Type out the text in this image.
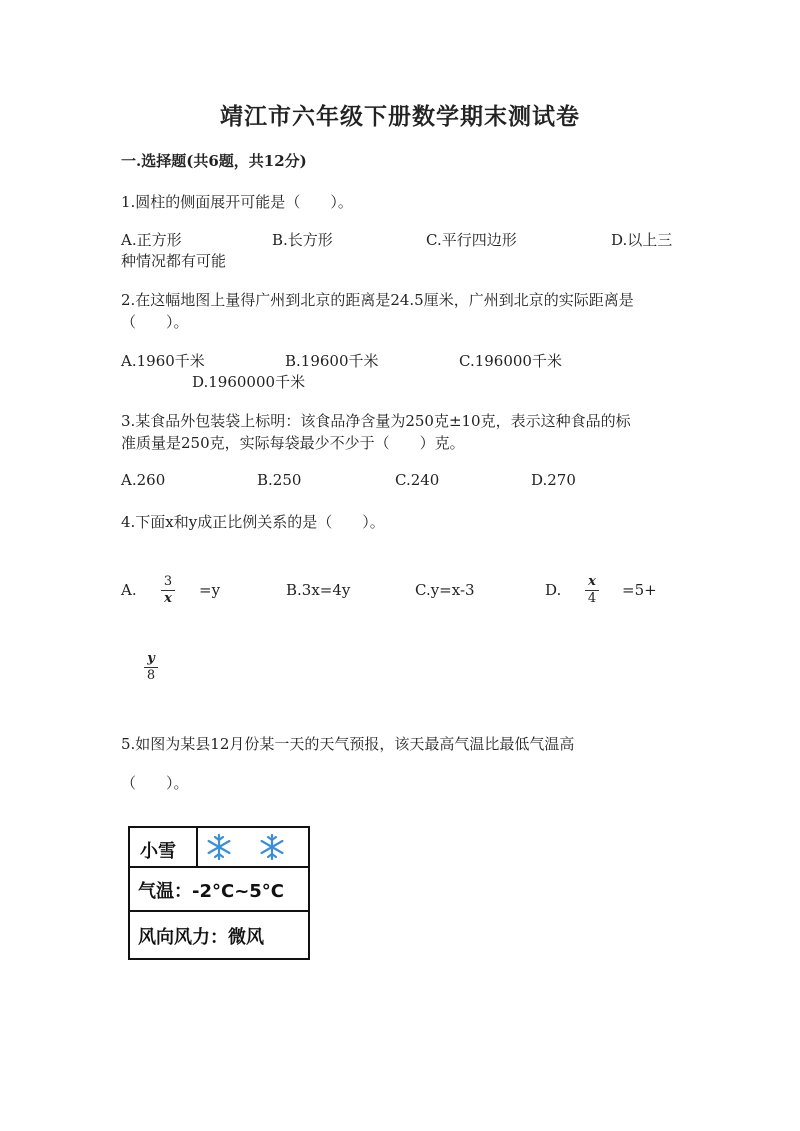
靖江市六年级下册数学期末测试卷
一.选择题(共6题，共12分)
1.圆柱的侧面展开可能是（　　）。
A.正方形	B.长方形	C.平行四边形	D.以上三
种情况都有可能
2.在这幅地图上量得广州到北京的距离是24.5厘米，广州到北京的实际距离是
（　　）。
A.1960千米	B.19600千米	C.196000千米
D.1960000千米
3.某食品外包装袋上标明：该食品净含量为250克±10克，表示这种食品的标
准质量是250克，实际每袋最少不少于（　　）克。
A.260	B.250	C.240	D.270
4.下面x和y成正比例关系的是（　　）。
A. 3
x =y	B.3x=4y	C.y=x-3	D. x
4 =5+
y
8
5.如图为某县12月份某一天的天气预报，该天最高气温比最低气温高
（　　）。
小雪
气温：-2°C~5°C
风向风力：微风
